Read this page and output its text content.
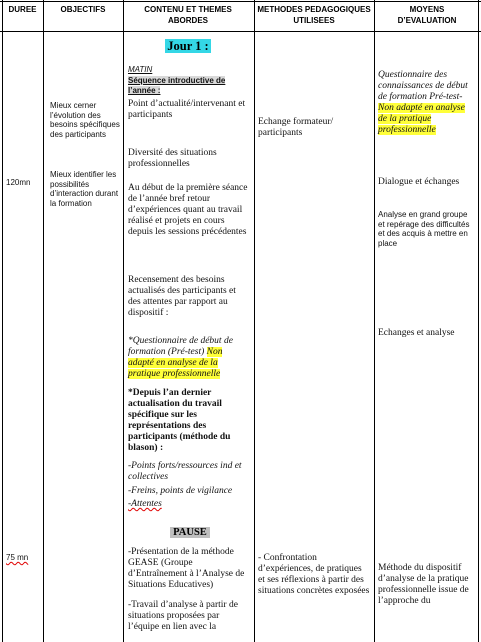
DUREE	OBJECTIFS	CONTENU ET THEMES ABORDES
METHODES PEDAGOGIQUES UTILISEES
MOYENS D’EVALUATION
120mn
75 mn
Mieux cerner l’évolution des besoins spécifiques des participants
Mieux identifier les possibilités d’interaction durant la formation
Jour 1 :
MATIN
Séquence introductive de l’année :
Point d’actualité/intervenant et participants
Diversité des situations professionnelles
Au début de la première séance de l’année bref retour d’expériences quant au travail réalisé et projets en cours depuis les sessions précédentes
Recensement des besoins actualisés des participants et des attentes par rapport au dispositif :
*Questionnaire de début de formation (Pré-test) Non adapté en analyse de la pratique professionnelle
*Depuis l’an dernier actualisation du travail spécifique sur les représentations des participants (méthode du blason) :
-Points forts/ressources ind et collectives
-Freins, points de vigilance
-Attentes
PAUSE
-Présentation de la méthode GEASE (Groupe d’Entraînement à l’Analyse de Situations Educatives)
-Travail d’analyse à partir de situations proposées par l’équipe en lien avec la
Echange formateur/ participants
- Confrontation d’expériences, de pratiques et ses réflexions à partir des situations concrètes exposées
Questionnaire des connaissances de début de formation Pré-test-Non adapté en analyse de la pratique professionnelle
Dialogue et échanges
Analyse en grand groupe et repérage des difficultés et des acquis à mettre en place
Echanges et analyse
Méthode du dispositif d’analyse de la pratique professionnelle issue de l’approche du
